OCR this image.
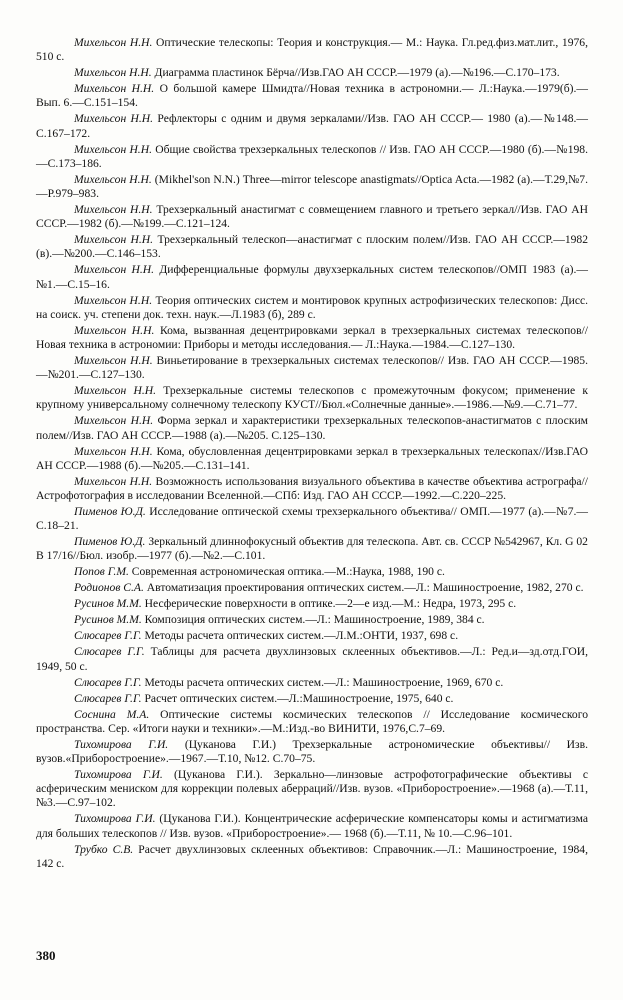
Михельсон Н.Н. Оптические телескопы: Теория и конструкция.— М.: Наука. Гл.ред.физ.мат.лит., 1976, 510 с.

Михельсон Н.Н. Диаграмма пластинок Бёрча//Изв.ГАО АН СССР.—1979 (а).—№196.—С.170–173.

Михельсон Н.Н. О большой камере Шмидта//Новая техника в астрономни.— Л.:Наука.—1979(б).—Вып. 6.—С.151–154.

Михельсон Н.Н. Рефлекторы с одним и двумя зеркалами//Изв. ГАО АН СССР.— 1980 (а).—№148.—С.167–172.

Михельсон Н.Н. Общие свойства трехзеркальных телескопов // Изв. ГАО АН СССР.—1980 (б).—№198.—С.173–186.

Михельсон Н.Н. (Mikhel'son N.N.) Three—mirror telescope anastigmats//Optica Acta.—1982 (а).—Т.29,№7.—Р.979–983.

Михельсон Н.Н. Трехзеркальный анастигмат с совмещением главного и третьего зеркал//Изв. ГАО АН СССР.—1982 (б).—№199.—С.121–124.

Михельсон Н.Н. Трехзеркальный телескоп—анастигмат с плоским полем//Изв. ГАО АН СССР.—1982 (в).—№200.—С.146–153.

Михельсон Н.Н. Дифференциальные формулы двухзеркальных систем телескопов//ОМП 1983 (а).—№1.—С.15–16.

Михельсон Н.Н. Теория оптических систем и монтировок крупных астрофизических телескопов: Дисс. на соиск. уч. степени док. техн. наук.—Л.1983 (б), 289 с.

Михельсон Н.Н. Кома, вызванная децентрировками зеркал в трехзеркальных системах телескопов//Новая техника в астрономии: Приборы и методы исследования.— Л.:Наука.—1984.—С.127–130.

Михельсон Н.Н. Виньетирование в трехзеркальных системах телескопов// Изв. ГАО АН СССР.—1985.—№201.—С.127–130.

Михельсон Н.Н. Трехзеркальные системы телескопов с промежуточным фокусом; применение к крупному универсальному солнечному телескопу КУСТ//Бюл.«Солнечные данные».—1986.—№9.—С.71–77.

Михельсон Н.Н. Форма зеркал и характеристики трехзеркальных телескопов-анастигматов с плоским полем//Изв. ГАО АН СССР.—1988 (а).—№205. С.125–130.

Михельсон Н.Н. Кома, обусловленная децентрировками зеркал в трехзеркальных телескопах//Изв.ГАО АН СССР.—1988 (б).—№205.—С.131–141.

Михельсон Н.Н. Возможность использования визуального объектива в качестве объектива астрографа//Астрофотография в исследовании Вселенной.—СПб: Изд. ГАО АН СССР.—1992.—С.220–225.

Пименов Ю.Д. Исследование оптической схемы трехзеркального объектива// ОМП.—1977 (а).—№7.—С.18–21.

Пименов Ю.Д. Зеркальный длиннофокусный объектив для телескопа. Авт. св. СССР №542967, Кл. G 02 В 17/16//Бюл. изобр.—1977 (б).—№2.—С.101.

Попов Г.М. Современная астрономическая оптика.—М.:Наука, 1988, 190 с.

Родионов С.А. Автоматизация проектирования оптических систем.—Л.: Машиностроение, 1982, 270 с.

Русинов М.М. Несферические поверхности в оптике.—2—е изд.—М.: Недра, 1973, 295 с.

Русинов М.М. Композиция оптических систем.—Л.: Машиностроение, 1989, 384 с.

Слюсарев Г.Г. Методы расчета оптических систем.—Л.М.:ОНТИ, 1937, 698 с.

Слюсарев Г.Г. Таблицы для расчета двухлинзовых склеенных объективов.—Л.: Ред.и—зд.отд.ГОИ, 1949, 50 с.

Слюсарев Г.Г. Методы расчета оптических систем.—Л.: Машиностроение, 1969, 670 с.

Слюсарев Г.Г. Расчет оптических систем.—Л.:Машиностроение, 1975, 640 с.

Соснина М.А. Оптические системы космических телескопов // Исследование космического пространства. Сер. «Итоги науки и техники».—М.:Изд.-во ВИНИТИ, 1976,С.7–69.

Тихомирова Г.И. (Цуканова Г.И.) Трехзеркальные астрономические объективы// Изв. вузов.«Приборостроение».—1967.—Т.10, №12. С.70–75.

Тихомирова Г.И. (Цуканова Г.И.). Зеркально—линзовые астрофотографические объективы с асферическим мениском для коррекции полевых аберраций//Изв. вузов. «Приборостроение».—1968 (а).—Т.11, №3.—С.97–102.

Тихомирова Г.И. (Цуканова Г.И.). Концентрические асферические компенсаторы комы и астигматизма для больших телескопов // Изв. вузов. «Приборостроение».— 1968 (б).—Т.11, № 10.—С.96–101.

Трубко С.В. Расчет двухлинзовых склеенных объективов: Справочник.—Л.: Машиностроение, 1984, 142 с.

380
